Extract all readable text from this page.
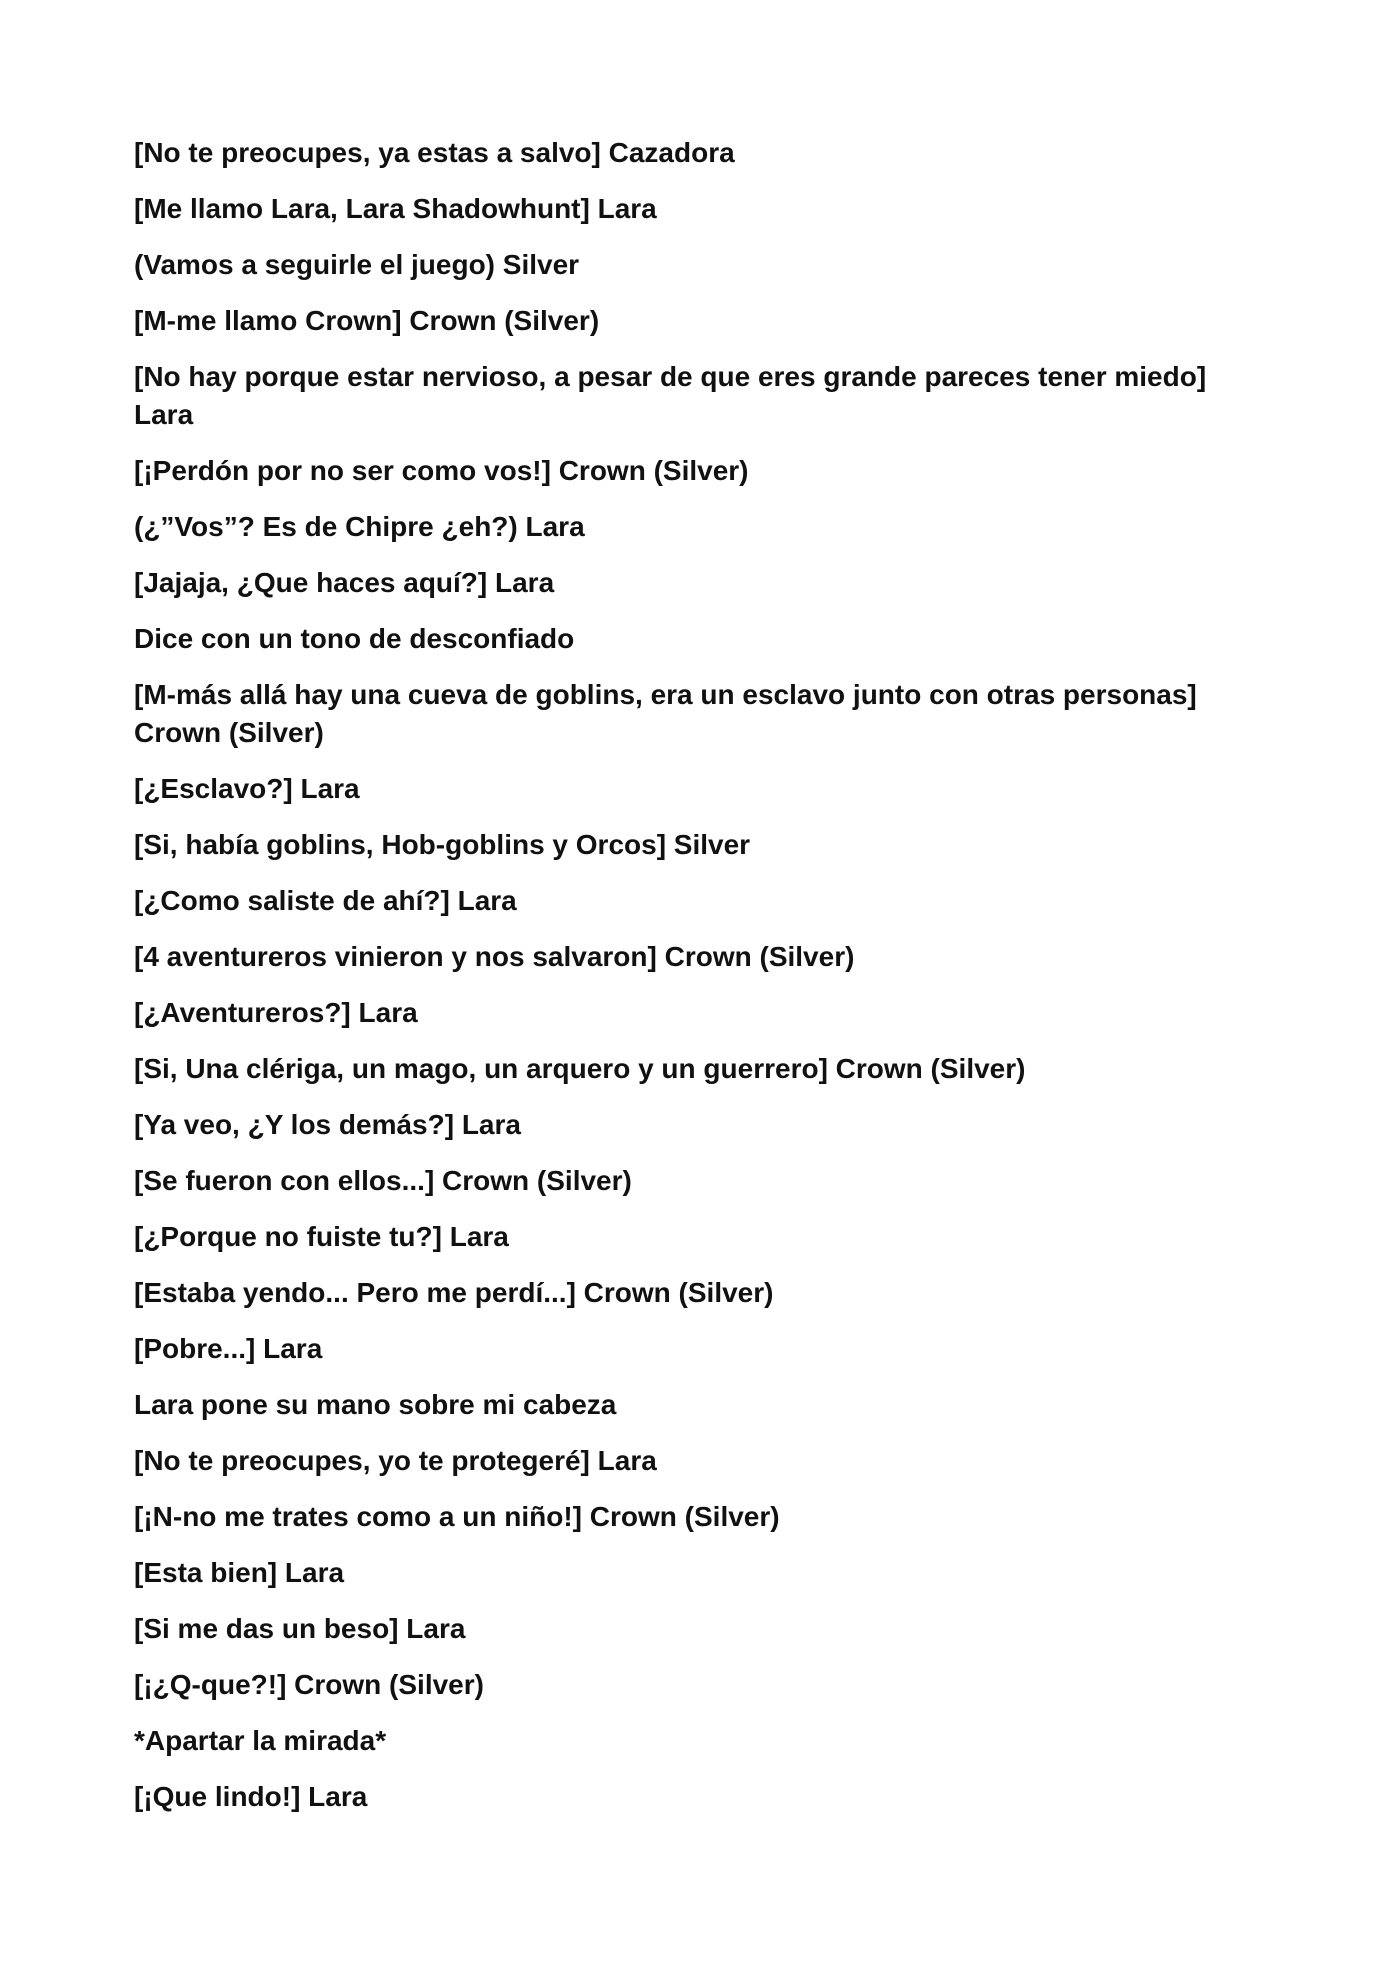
[No te preocupes, ya estas a salvo] Cazadora

[Me llamo Lara, Lara Shadowhunt] Lara

(Vamos a seguirle el juego) Silver

[M-me llamo Crown] Crown (Silver)

[No hay porque estar nervioso, a pesar de que eres grande pareces tener miedo] Lara

[¡Perdón por no ser como vos!] Crown (Silver)

(¿”Vos”? Es de Chipre ¿eh?) Lara

[Jajaja, ¿Que haces aquí?] Lara

Dice con un tono de desconfiado

[M-más allá hay una cueva de goblins, era un esclavo junto con otras personas] Crown (Silver)

[¿Esclavo?] Lara

[Si, había goblins, Hob-goblins y Orcos] Silver

[¿Como saliste de ahí?] Lara

[4 aventureros vinieron y nos salvaron] Crown (Silver)

[¿Aventureros?] Lara

[Si, Una clériga, un mago, un arquero y un guerrero] Crown (Silver)

[Ya veo, ¿Y los demás?] Lara

[Se fueron con ellos...] Crown (Silver)

[¿Porque no fuiste tu?] Lara

[Estaba yendo... Pero me perdí...] Crown (Silver)

[Pobre...] Lara

Lara pone su mano sobre mi cabeza

[No te preocupes, yo te protegeré] Lara

[¡N-no me trates como a un niño!] Crown (Silver)

[Esta bien] Lara

[Si me das un beso] Lara

[¡¿Q-que?!] Crown (Silver)

*Apartar la mirada*

[¡Que lindo!] Lara
